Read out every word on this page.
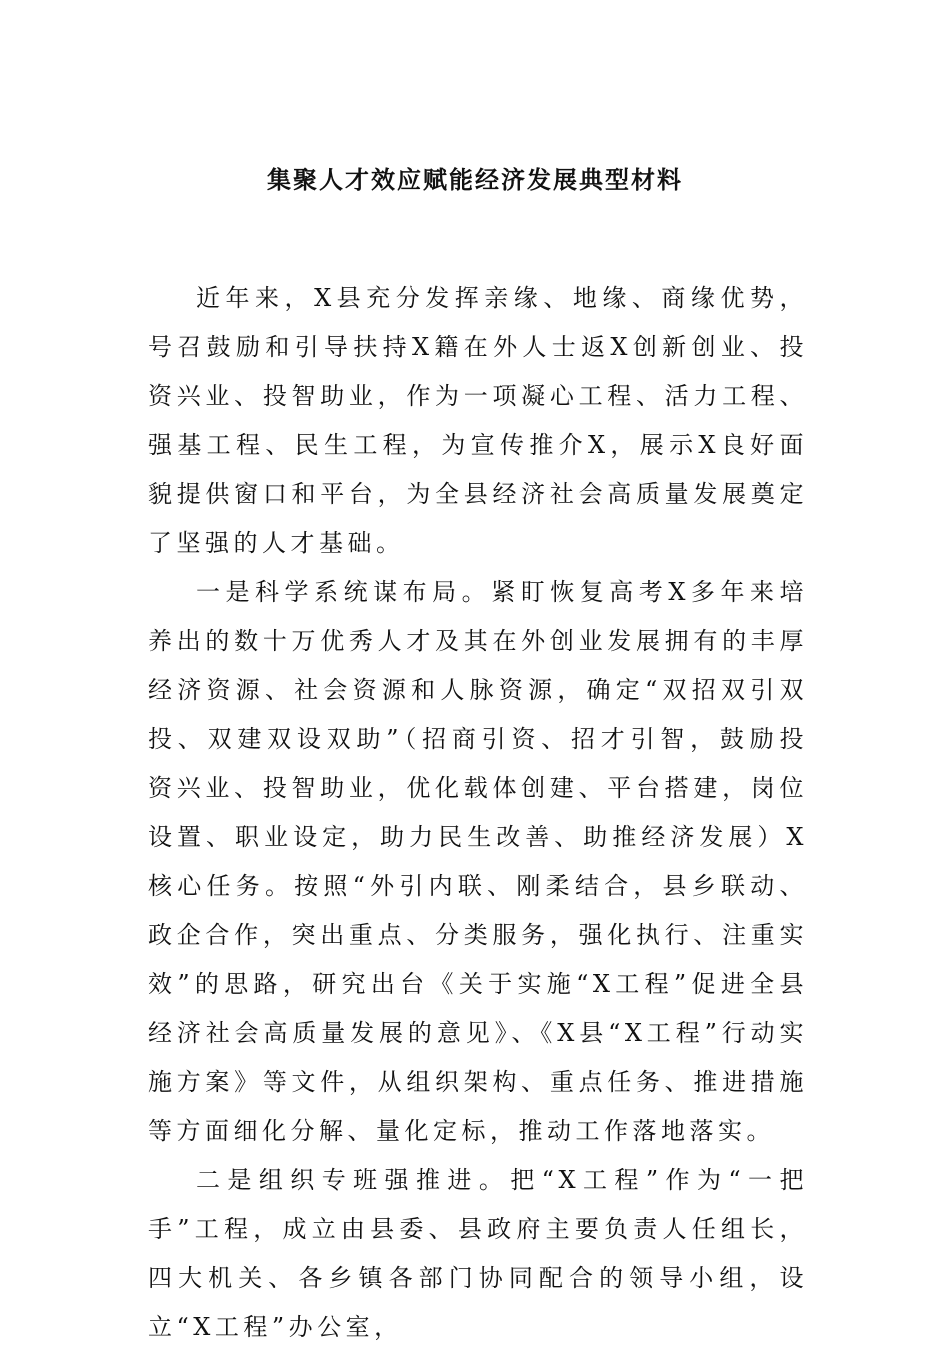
集聚人才效应赋能经济发展典型材料

近年来，X县充分发挥亲缘、地缘、商缘优势，号召鼓励和引导扶持X籍在外人士返X创新创业、投资兴业、投智助业，作为一项凝心工程、活力工程、强基工程、民生工程，为宣传推介X，展示X良好面貌提供窗口和平台，为全县经济社会高质量发展奠定了坚强的人才基础。

一是科学系统谋布局。紧盯恢复高考X多年来培养出的数十万优秀人才及其在外创业发展拥有的丰厚经济资源、社会资源和人脉资源，确定“双招双引双投、双建双设双助”（招商引资、招才引智，鼓励投资兴业、投智助业，优化载体创建、平台搭建，岗位设置、职业设定，助力民生改善、助推经济发展）X核心任务。按照“外引内联、刚柔结合，县乡联动、政企合作，突出重点、分类服务，强化执行、注重实效”的思路，研究出台《关于实施“X工程”促进全县经济社会高质量发展的意见》、《X县“X工程”行动实施方案》等文件，从组织架构、重点任务、推进措施等方面细化分解、量化定标，推动工作落地落实。

二是组织专班强推进。把“X工程”作为“一把手”工程，成立由县委、县政府主要负责人任组长，四大机关、各乡镇各部门协同配合的领导小组，设立“X工程”办公室，
